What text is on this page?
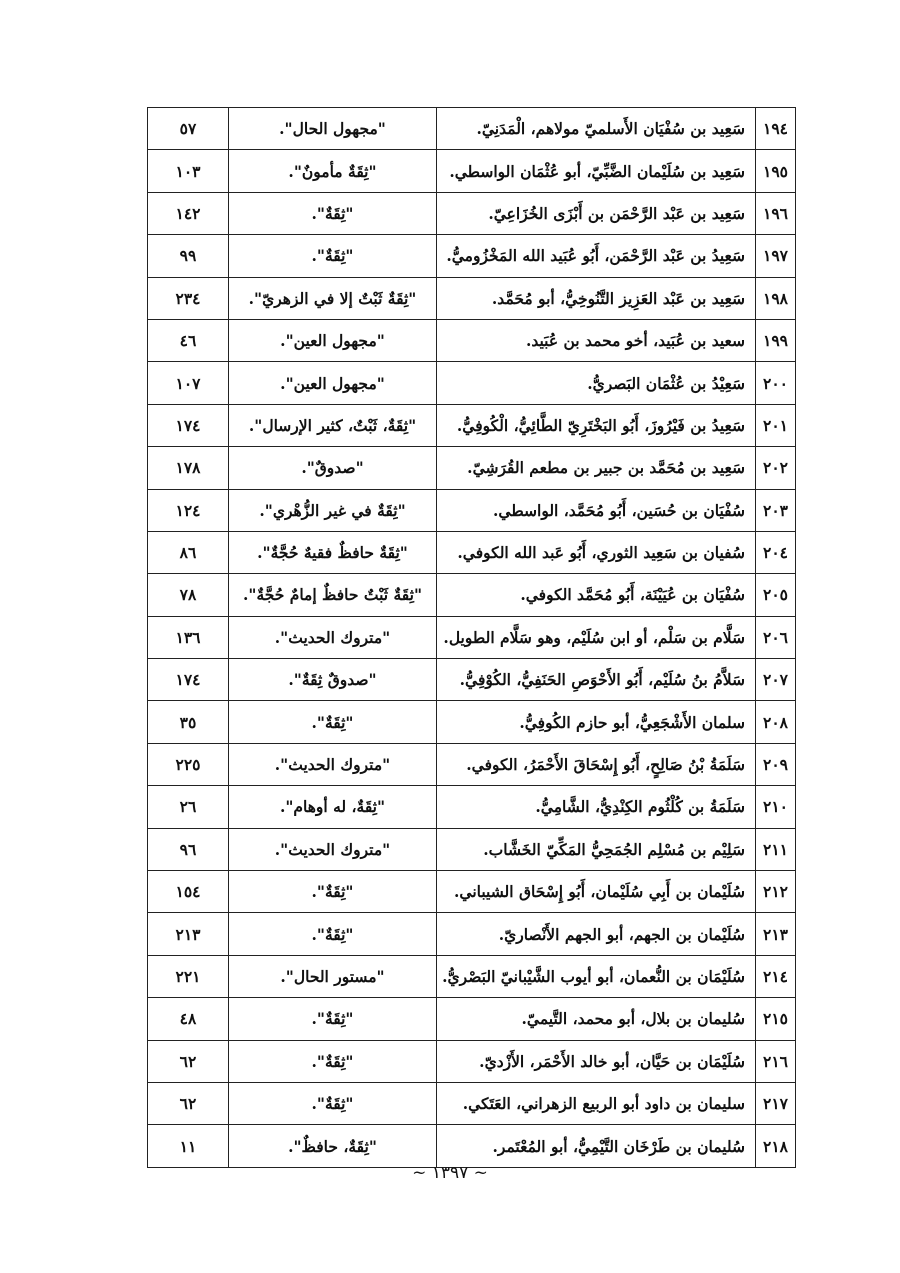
١٩٤	سَعِيد بن سُفْيَان الأَسلميّ مولاهم، الْمَدَنِيّ.	"مجهول الحال".	٥٧
١٩٥	سَعِيد بن سُلَيْمان الضَّبِّيّ، أبو عُثْمَان الواسطي.	"ثِقَةٌ مأمونٌ".	١٠٣
١٩٦	سَعِيد بن عَبْد الرَّحْمَن بن أَبْزَى الخُزَاعِيّ.	"ثِقَةٌ".	١٤٢
١٩٧	سَعِيدُ بن عَبْد الرَّحْمَن، أَبُو عُبَيد الله المَخْزُوميُّ.	"ثِقَةٌ".	٩٩
١٩٨	سَعِيد بن عَبْد العَزِيز التَّنُوخِيُّ، أبو مُحَمَّد.	"ثِقَةٌ ثَبْتٌ إلا في الزهريّ".	٢٣٤
١٩٩	سعيد بن عُبَيد، أخو محمد بن عُبَيد.	"مجهول العين".	٤٦
٢٠٠	سَعِيْدُ بن عُثْمَان البَصريُّ.	"مجهول العين".	١٠٧
٢٠١	سَعِيدُ بن فَيْرُوزَ، أَبُو البَخْتَرِيّ الطَّائِيُّ، الْكُوفِيُّ.	"ثِقَةٌ، ثَبْتٌ، كثير الإرسال".	١٧٤
٢٠٢	سَعِيد بن مُحَمَّد بن جبير بن مطعم القُرَشِيّ.	"صدوقٌ".	١٧٨
٢٠٣	سُفْيَان بن حُسَين، أَبُو مُحَمَّد، الواسطي.	"ثِقَةٌ في غير الزُّهْري".	١٢٤
٢٠٤	سُفيان بن سَعِيد الثوري، أَبُو عَبد الله الكوفي.	"ثِقَةٌ حافظٌ فقيهٌ حُجَّةٌ".	٨٦
٢٠٥	سُفْيَان بن عُيَيْنَة، أَبُو مُحَمَّد الكوفي.	"ثِقَةٌ ثَبْتٌ حافظٌ إمامٌ حُجَّةٌ".	٧٨
٢٠٦	سَلَّام بن سَلْم، أو ابن سُلَيْم، وهو سَلَّام الطويل.	"متروك الحديث".	١٣٦
٢٠٧	سَلاَّمُ بنُ سُلَيْم، أَبُو الأَحْوَصِ الحَنَفِيُّ، الكُوْفِيُّ.	"صدوقٌ ثِقَةٌ".	١٧٤
٢٠٨	سلمان الأَشْجَعِيُّ، أبو حازم الكُوفِيُّ.	"ثِقَةٌ".	٣٥
٢٠٩	سَلَمَةُ بْنُ صَالِحٍ، أَبُو إِسْحَاقَ الأَحْمَرُ، الكوفي.	"متروك الحديث".	٢٢٥
٢١٠	سَلَمَةُ بن كُلْثُوم الكِنْدِيُّ، الشَّامِيُّ.	"ثِقَةٌ، له أوهام".	٢٦
٢١١	سَلِيْم بن مُسْلِم الجُمَحِيُّ المَكِّيّ الخَشَّاب.	"متروك الحديث".	٩٦
٢١٢	سُلَيْمان بن أَبِي سُلَيْمان، أَبُو إِسْحَاق الشيباني.	"ثِقَةٌ".	١٥٤
٢١٣	سُلَيْمان بن الجهم، أبو الجهم الأَنْصاريّ.	"ثِقَةٌ".	٢١٣
٢١٤	سُلَيْمَان بن النُّعمان، أبو أيوب الشَّيْبانيّ البَصْريُّ.	"مستور الحال".	٢٢١
٢١٥	سُليمان بن بلال، أبو محمد، التَّيميّ.	"ثِقَةٌ".	٤٨
٢١٦	سُلَيْمَان بن حَيَّان، أبو خالد الأَحْمَر، الأَزْديّ.	"ثِقَةٌ".	٦٢
٢١٧	سليمان بن داود أبو الربيع الزهراني، العَتَكي.	"ثِقَةٌ".	٦٢
٢١٨	سُليمان بن طَرْخَان التَّيْمِيُّ، أبو المُعْتَمر.	"ثِقَةٌ، حافظٌ".	١١
~ ١٣٩٧ ~
